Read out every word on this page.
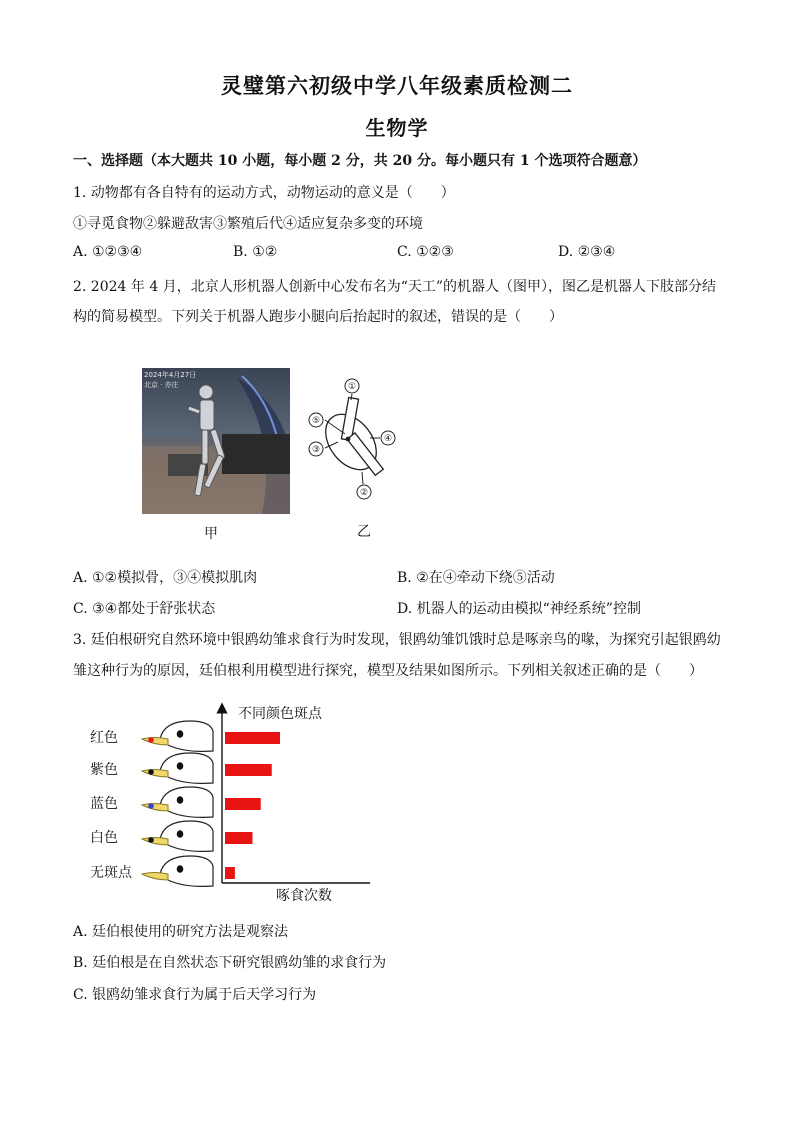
灵璧第六初级中学八年级素质检测二
生物学
一、选择题（本大题共 10 小题，每小题 2 分，共 20 分。每小题只有 1 个选项符合题意）
1. 动物都有各自特有的运动方式，动物运动的意义是（　　）
①寻觅食物②躲避敌害③繁殖后代④适应复杂多变的环境
A. ①②③④	B. ①②	C. ①②③	D. ②③④
2. 2024 年 4 月，北京人形机器人创新中心发布名为“天工”的机器人（图甲），图乙是机器人下肢部分结
构的简易模型。下列关于机器人跑步小腿向后抬起时的叙述，错误的是（　　）
2024年4月27日
北京 · 亦庄
甲
①
②
③
④
⑤
乙
A. ①②模拟骨，③④模拟肌肉	B. ②在④牵动下绕⑤活动
C. ③④都处于舒张状态	D. 机器人的运动由模拟“神经系统”控制
3. 廷伯根研究自然环境中银鸥幼雏求食行为时发现，银鸥幼雏饥饿时总是啄亲鸟的喙，为探究引起银鸥幼
雏这种行为的原因，廷伯根利用模型进行探究，模型及结果如图所示。下列相关叙述正确的是（　　）
不同颜色斑点
啄食次数
红色
紫色
蓝色
白色
无斑点
A. 廷伯根使用的研究方法是观察法
B. 廷伯根是在自然状态下研究银鸥幼雏的求食行为
C. 银鸥幼雏求食行为属于后天学习行为
